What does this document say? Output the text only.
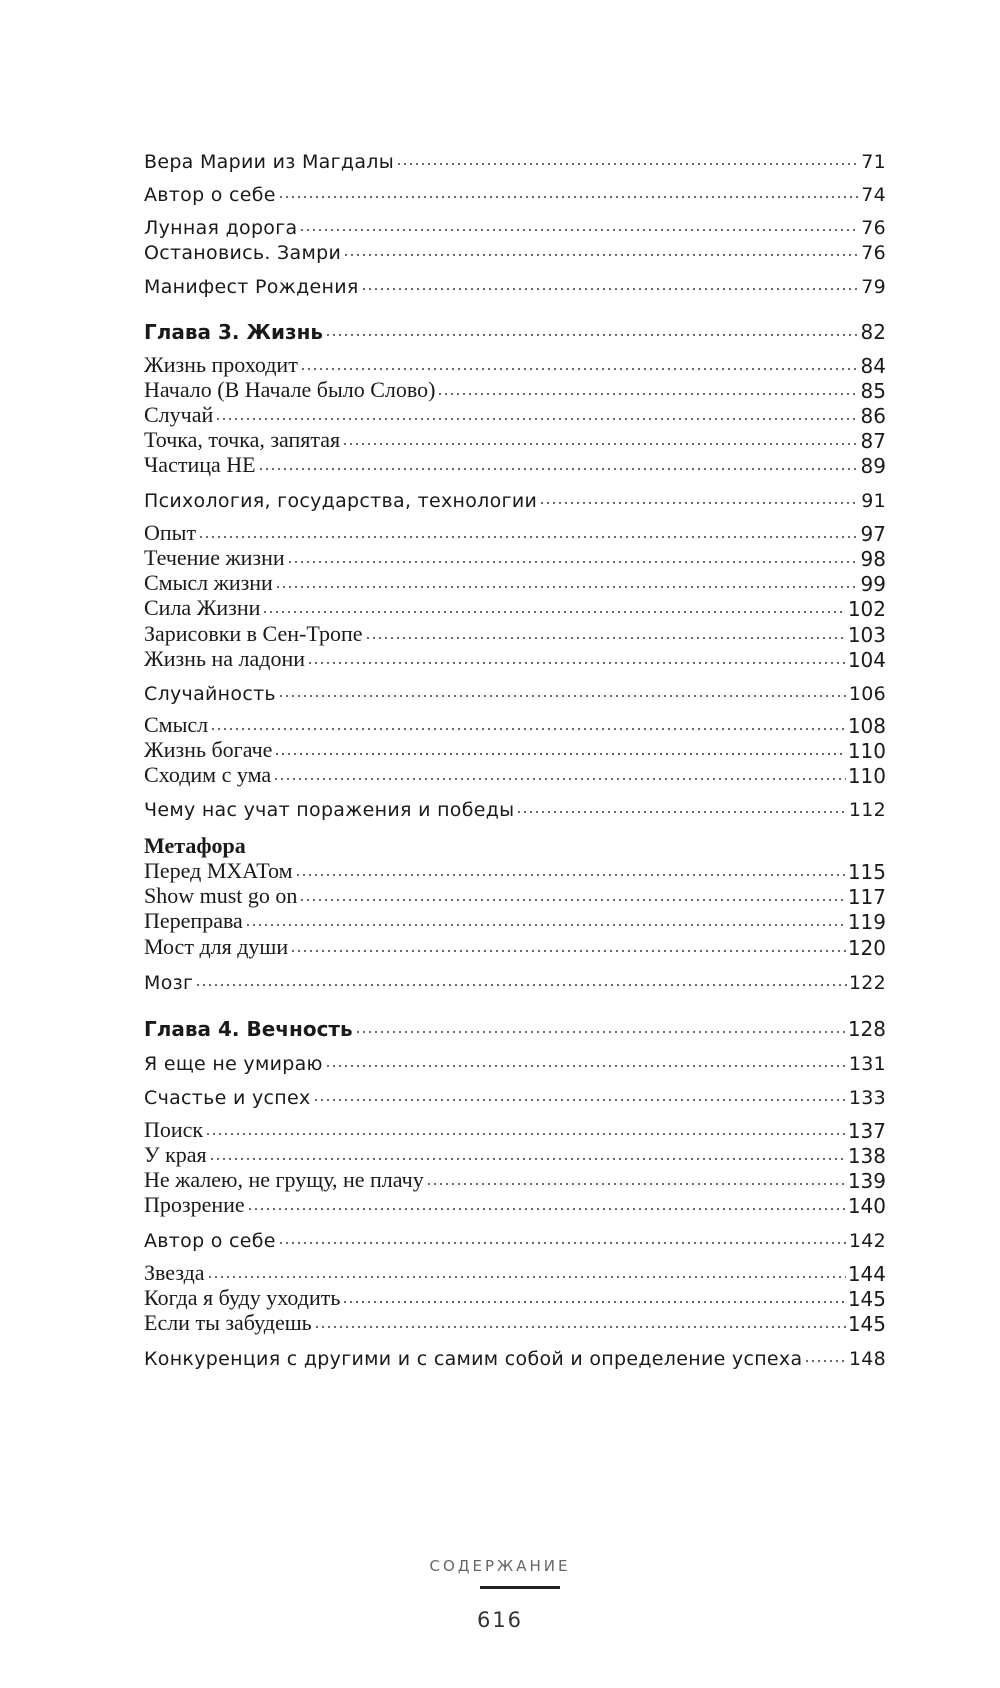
Вера Марии из Магдалы	71
Автор о себе	74
Лунная дорога	76
Остановись. Замри	76
Манифест Рождения	79
Глава 3. Жизнь	82
Жизнь проходит	84
Начало (В Начале было Слово)	85
Случай	86
Точка, точка, запятая	87
Частица НЕ	89
Психология, государства, технологии	91
Опыт	97
Течение жизни	98
Смысл жизни	99
Сила Жизни	102
Зарисовки в Сен-Тропе	103
Жизнь на ладони	104
Случайность	106
Смысл	108
Жизнь богаче	110
Сходим с ума	110
Чему нас учат поражения и победы	112
Метафора
Перед МХАТом	115
Show must go on	117
Переправа	119
Мост для души	120
Мозг	122
Глава 4. Вечность	128
Я еще не умираю	131
Счастье и успех	133
Поиск	137
У края	138
Не жалею, не грущу, не плачу	139
Прозрение	140
Автор о себе	142
Звезда	144
Когда я буду уходить	145
Если ты забудешь	145
Конкуренция с другими и с самим собой и определение успеха 148
СОДЕРЖАНИЕ
616
